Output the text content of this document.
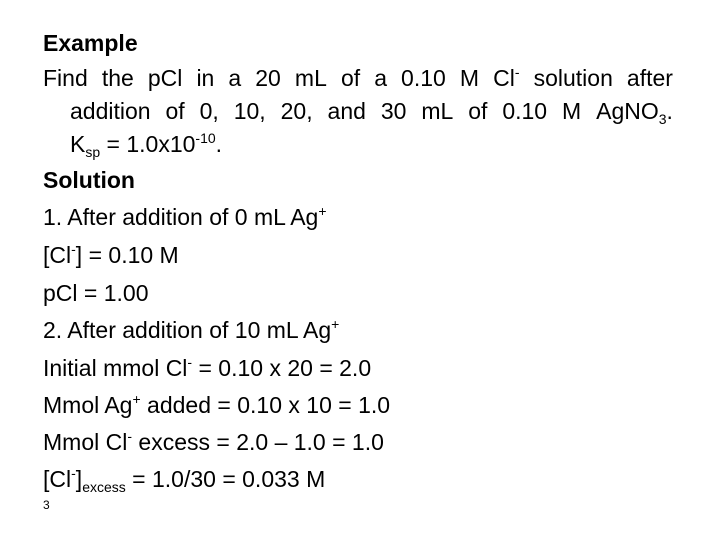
Example
Find the pCl in a 20 mL of a 0.10 M Cl- solution after
addition of 0, 10, 20, and 30 mL of 0.10 M AgNO$_3$.
$K_{sp} = 1.0x10^{-10}$.
Solution
1. After addition of 0 mL Ag+
[Cl-] = 0.10 M
pCl = 1.00
2. After addition of 10 mL Ag+
Initial mmol Cl- = 0.10 x 20 = 2.0
Mmol Ag+ added = 0.10 x 10 = 1.0
Mmol Cl- excess = 2.0 – 1.0 = 1.0
$[Cl^-]_{excess} = 1.0/30 = 0.033$ M
3
